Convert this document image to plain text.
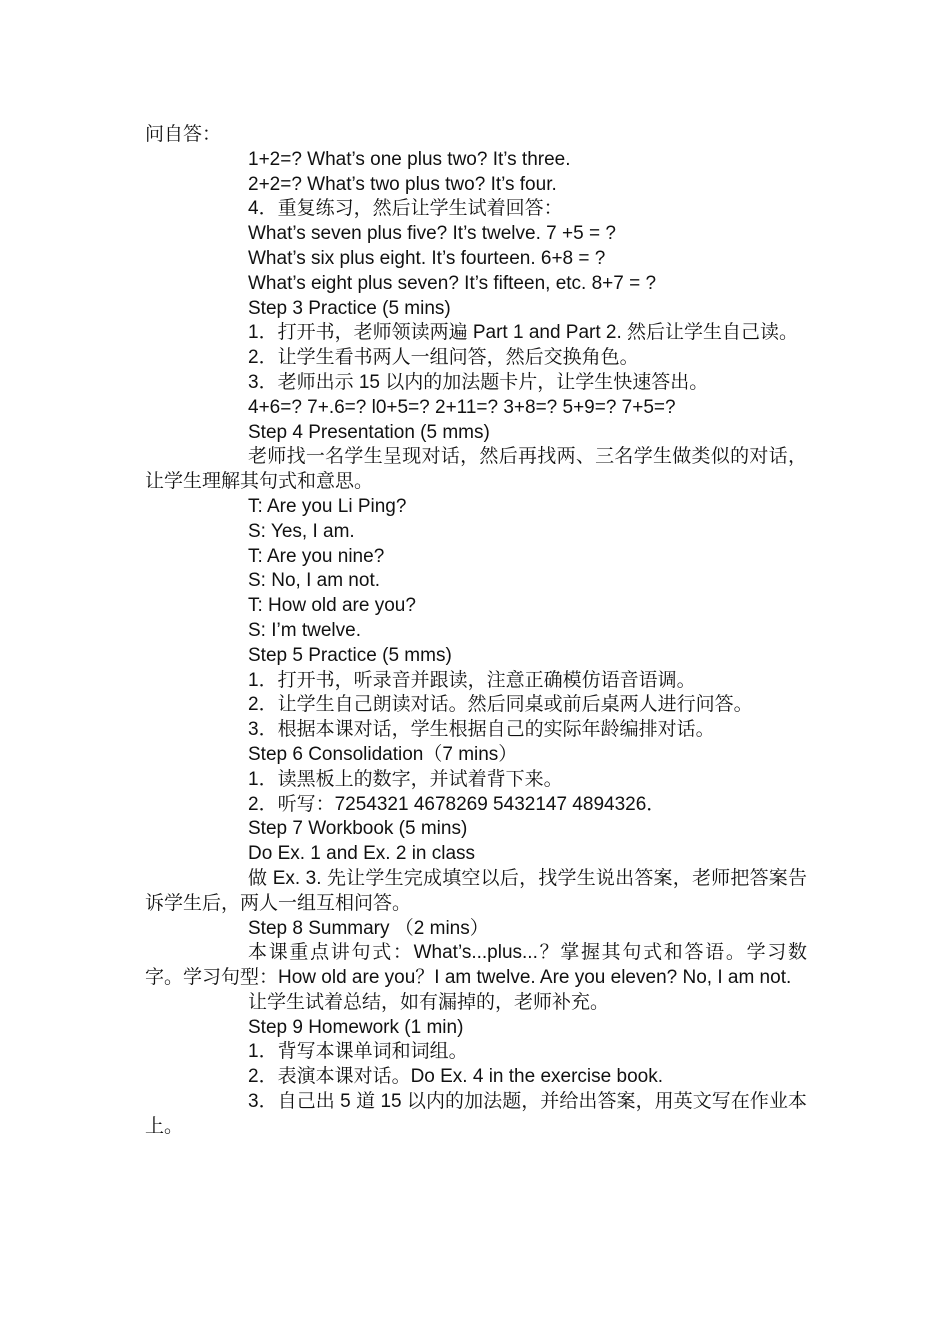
问自答：
1+2=? What’s one plus two? It’s three.
2+2=? What’s two plus two? It’s four.
4．重复练习，然后让学生试着回答：
What’s seven plus five? It’s twelve. 7 +5 = ?
What’s six plus eight. It’s fourteen. 6+8 = ?
What’s eight plus seven? It’s fifteen, etc. 8+7 = ?
Step 3 Practice (5 mins)
1．打开书，老师领读两遍 Part 1 and Part 2. 然后让学生自己读。
2．让学生看书两人一组问答，然后交换角色。
3．老师出示 15 以内的加法题卡片，让学生快速答出。
4+6=? 7+.6=? l0+5=? 2+11=? 3+8=? 5+9=? 7+5=?
Step 4 Presentation (5 mms)
老师找一名学生呈现对话，然后再找两、三名学生做类似的对话，让学生理解其句式和意思。
T: Are you Li Ping?
S: Yes, I am.
T: Are you nine?
S: No, I am not.
T: How old are you?
S: I’m twelve.
Step 5 Practice (5 mms)
1．打开书，听录音并跟读，注意正确模仿语音语调。
2．让学生自己朗读对话。然后同桌或前后桌两人进行问答。
3．根据本课对话，学生根据自己的实际年龄编排对话。
Step 6 Consolidation（7 mins）
1．读黑板上的数字，并试着背下来。
2．听写：7254321 4678269 5432147 4894326．
Step 7 Workbook (5 mins)
Do Ex. 1 and Ex. 2 in class
做 Ex. 3. 先让学生完成填空以后，找学生说出答案，老师把答案告诉学生后，两人一组互相问答。
Step 8 Summary （2 mins）
本课重点讲句式：What’s...plus...？掌握其句式和答语。学习数字。学习句型：How old are you？I am twelve. Are you eleven? No, I am not.
让学生试着总结，如有漏掉的，老师补充。
Step 9 Homework (1 min)
1．背写本课单词和词组。
2．表演本课对话。Do Ex. 4 in the exercise book.
3．自己出 5 道 15 以内的加法题，并给出答案，用英文写在作业本上。
